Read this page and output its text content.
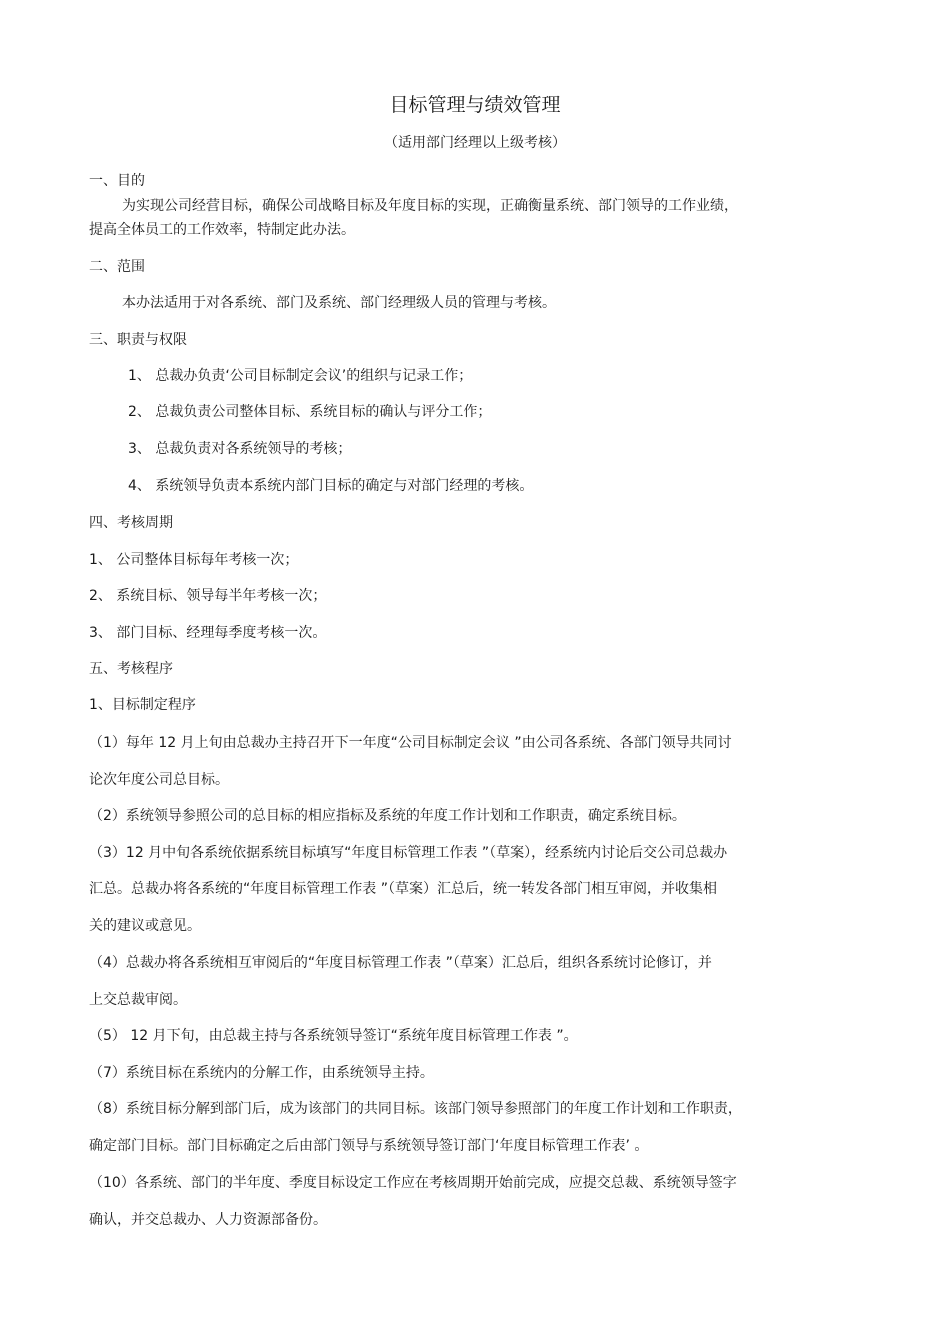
目标管理与绩效管理
（适用部门经理以上级考核）
一、目的
为实现公司经营目标，确保公司战略目标及年度目标的实现，正确衡量系统、部门领导的工作业绩，
提高全体员工的工作效率，特制定此办法。
二、范围
本办法适用于对各系统、部门及系统、部门经理级人员的管理与考核。
三、职责与权限
1、 总裁办负责‘公司目标制定会议’的组织与记录工作；
2、 总裁负责公司整体目标、系统目标的确认与评分工作；
3、 总裁负责对各系统领导的考核；
4、 系统领导负责本系统内部门目标的确定与对部门经理的考核。
四、考核周期
1、 公司整体目标每年考核一次；
2、 系统目标、领导每半年考核一次；
3、 部门目标、经理每季度考核一次。
五、考核程序
1、目标制定程序
（1）每年 12 月上旬由总裁办主持召开下一年度“公司目标制定会议 ”由公司各系统、各部门领导共同讨
论次年度公司总目标。
（2）系统领导参照公司的总目标的相应指标及系统的年度工作计划和工作职责，确定系统目标。
（3）12 月中旬各系统依据系统目标填写“年度目标管理工作表 ”（草案），经系统内讨论后交公司总裁办
汇总。总裁办将各系统的“年度目标管理工作表 ”（草案）汇总后，统一转发各部门相互审阅，并收集相
关的建议或意见。
（4）总裁办将各系统相互审阅后的“年度目标管理工作表 ”（草案）汇总后，组织各系统讨论修订，并
上交总裁审阅。
（5） 12 月下旬，由总裁主持与各系统领导签订“系统年度目标管理工作表 ”。
（7）系统目标在系统内的分解工作，由系统领导主持。
（8）系统目标分解到部门后，成为该部门的共同目标。该部门领导参照部门的年度工作计划和工作职责，
确定部门目标。部门目标确定之后由部门领导与系统领导签订部门‘年度目标管理工作表’ 。
（10）各系统、部门的半年度、季度目标设定工作应在考核周期开始前完成，应提交总裁、系统领导签字
确认，并交总裁办、人力资源部备份。
